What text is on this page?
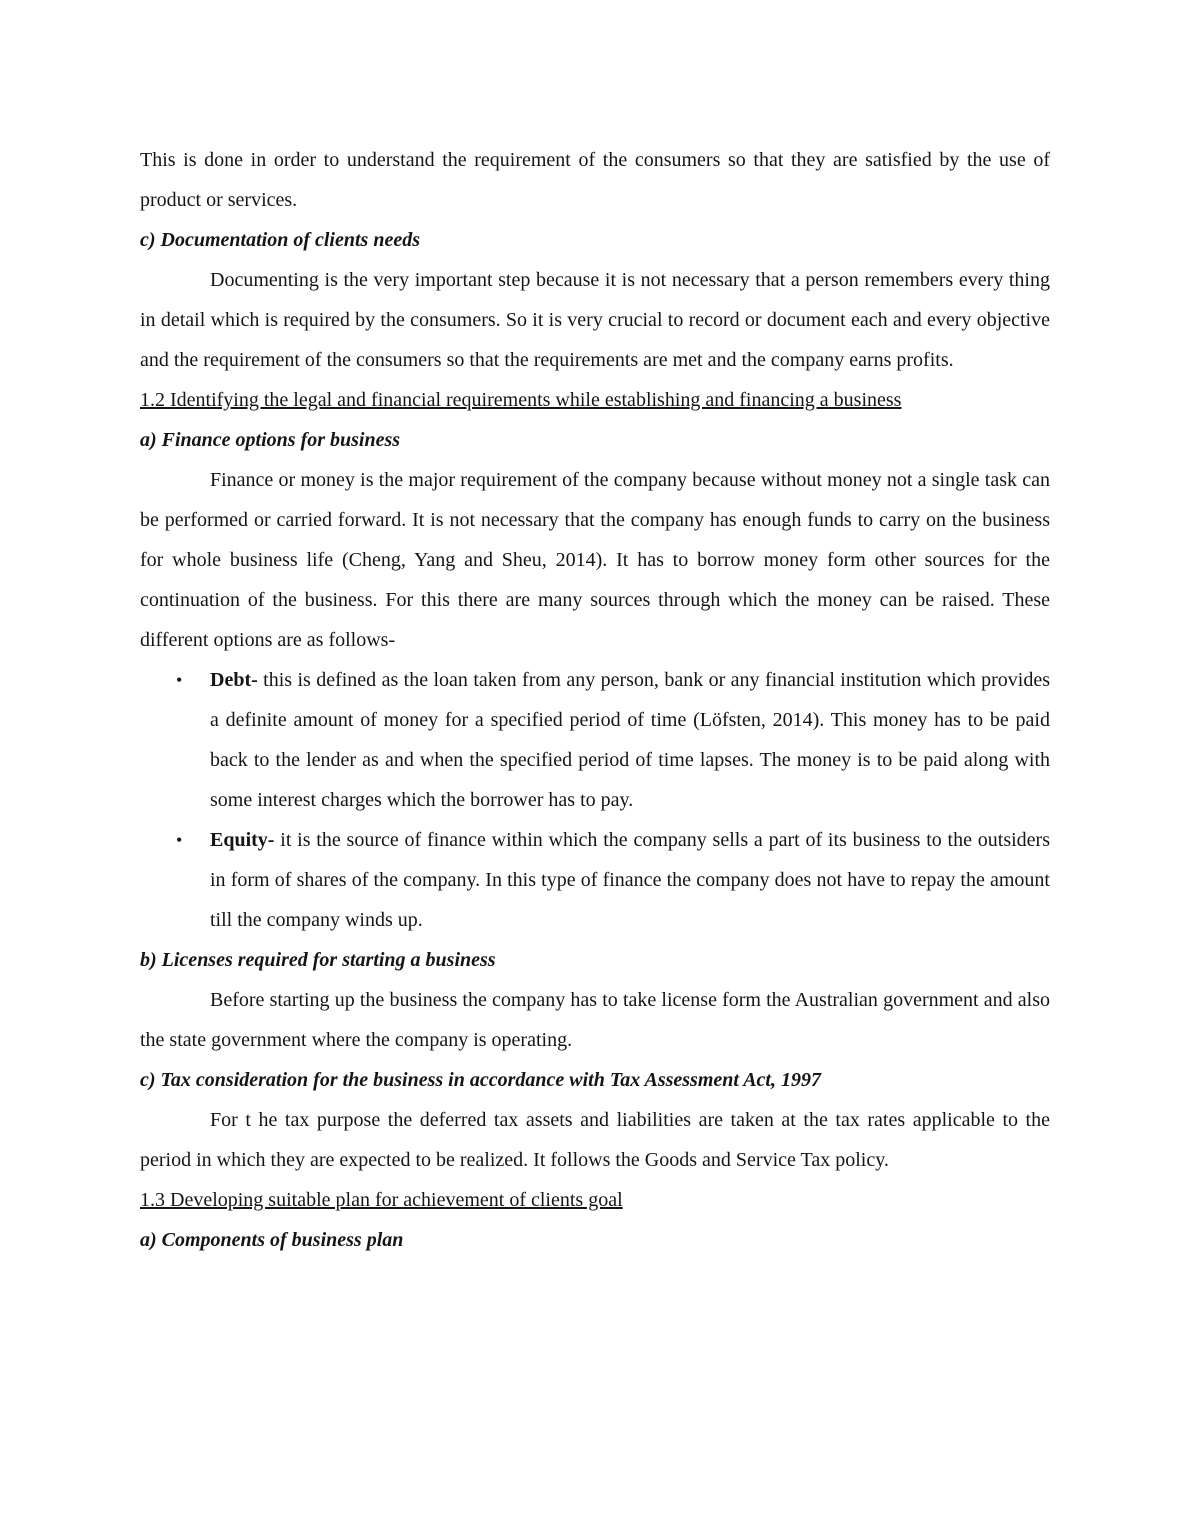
This is done in order to understand the requirement of the consumers so that they are satisfied by the use of product or services.

c) Documentation of clients needs

Documenting is the very important step because it is not necessary that a person remembers every thing in detail which is required by the consumers. So it is very crucial to record or document each and every objective and the requirement of the consumers so that the requirements are met and the company earns profits.

1.2 Identifying the legal and financial requirements while establishing and financing a business

a) Finance options for business

Finance or money is the major requirement of the company because without money not a single task can be performed or carried forward. It is not necessary that the company has enough funds to carry on the business for whole business life (Cheng, Yang and Sheu, 2014). It has to borrow money form other sources for the continuation of the business. For this there are many sources through which the money can be raised. These different options are as follows-

• Debt- this is defined as the loan taken from any person, bank or any financial institution which provides a definite amount of money for a specified period of time (Löfsten, 2014). This money has to be paid back to the lender as and when the specified period of time lapses. The money is to be paid along with some interest charges which the borrower has to pay.
• Equity- it is the source of finance within which the company sells a part of its business to the outsiders in form of shares of the company. In this type of finance the company does not have to repay the amount till the company winds up.

b) Licenses required for starting a business

Before starting up the business the company has to take license form the Australian government and also the state government where the company is operating.

c) Tax consideration for the business in accordance with Tax Assessment Act, 1997

For t he tax purpose the deferred tax assets and liabilities are taken at the tax rates applicable to the period in which they are expected to be realized. It follows the Goods and Service Tax policy.

1.3 Developing suitable plan for achievement of clients goal

a) Components of business plan
